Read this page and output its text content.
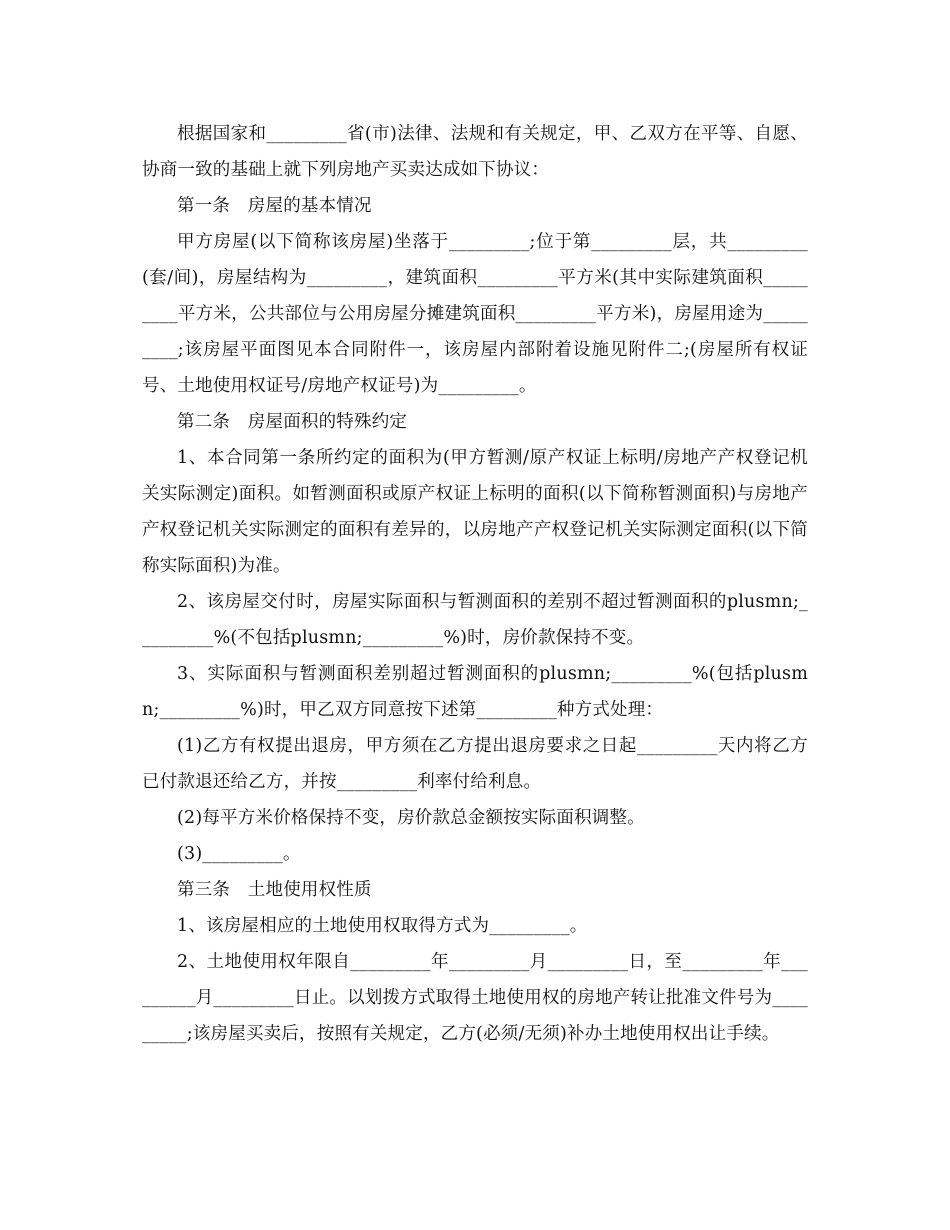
根据国家和_________省(市)法律、法规和有关规定，甲、乙双方在平等、自愿、协商一致的基础上就下列房地产买卖达成如下协议：

第一条　房屋的基本情况

甲方房屋(以下简称该房屋)坐落于_________;位于第_________层，共_________(套/间)，房屋结构为_________，建筑面积_________平方米(其中实际建筑面积_________平方米，公共部位与公用房屋分摊建筑面积_________平方米)，房屋用途为_________;该房屋平面图见本合同附件一，该房屋内部附着设施见附件二;(房屋所有权证号、土地使用权证号/房地产权证号)为_________。

第二条　房屋面积的特殊约定

1、本合同第一条所约定的面积为(甲方暂测/原产权证上标明/房地产产权登记机关实际测定)面积。如暂测面积或原产权证上标明的面积(以下简称暂测面积)与房地产产权登记机关实际测定的面积有差异的，以房地产产权登记机关实际测定面积(以下简称实际面积)为准。

2、该房屋交付时，房屋实际面积与暂测面积的差别不超过暂测面积的plusmn;_________%(不包括plusmn;_________%)时，房价款保持不变。

3、实际面积与暂测面积差别超过暂测面积的plusmn;_________%(包括plusmn;_________%)时，甲乙双方同意按下述第_________种方式处理：

(1)乙方有权提出退房，甲方须在乙方提出退房要求之日起_________天内将乙方已付款退还给乙方，并按_________利率付给利息。

(2)每平方米价格保持不变，房价款总金额按实际面积调整。

(3)_________。

第三条　土地使用权性质

1、该房屋相应的土地使用权取得方式为_________。

2、土地使用权年限自_________年_________月_________日，至_________年_________月_________日止。以划拨方式取得土地使用权的房地产转让批准文件号为_________;该房屋买卖后，按照有关规定，乙方(必须/无须)补办土地使用权出让手续。
